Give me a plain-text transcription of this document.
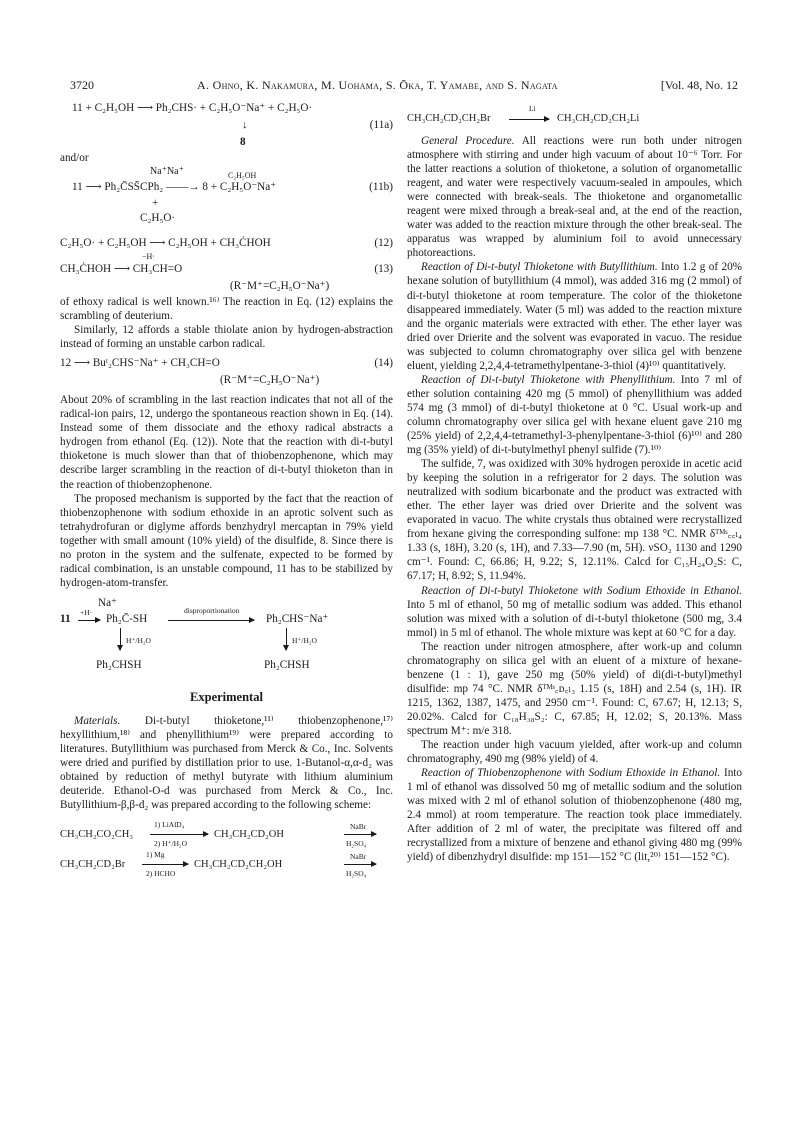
3720	A. Ohno, K. Nakamura, M. Uohama, S. Ōka, T. Yamabe, and S. Nagata	[Vol. 48, No. 12
11 + C₂H₅OH ⟶ Ph₂CHS· + C₂H₅O⁻Na⁺ + C₂H₅O·
↓	(11a)
8

and/or

Na⁺Na⁺	C₂H₅OH
11 ⟶ Ph₂C̄SS̄CPh₂ ——→ 8 + C₂H₅O⁻Na⁺	(11b)
+
C₂H₅O·
C₂H₅O· + C₂H₅OH ⟶ C₂H₅OH + CH₃ĊHOH	(12)
−H·
CH₃ĊHOH ⟶ CH₃CH=O	(13)
(R⁻M⁺=C₂H₅O⁻Na⁺)

of ethoxy radical is well known.¹⁶⁾ The reaction in Eq. (12) explains the scrambling of deuterium.

Similarly, 12 affords a stable thiolate anion by hydrogen-abstraction instead of forming an unstable carbon radical.

12 ⟶ Buᵗ₂CHS⁻Na⁺ + CH₃CH=O	(14)
(R⁻M⁺=C₂H₅O⁻Na⁺)

About 20% of scrambling in the last reaction indicates that not all of the radical-ion pairs, 12, undergo the spontaneous reaction shown in Eq. (14). Instead some of them dissociate and the ethoxy radical abstracts a hydrogen from ethanol (Eq. (12)). Note that the reaction with di-t-butyl thioketone is much slower than that of thiobenzophenone, which may describe larger scrambling in the reaction of di-t-butyl thioketon than in the reaction of thiobenzophenone.

The proposed mechanism is supported by the fact that the reaction of thiobenzophenone with sodium ethoxide in an aprotic solvent such as tetrahydrofuran or diglyme affords benzhydryl mercaptan in 79% yield together with small amount (10% yield) of the disulfide, 8. Since there is no proton in the system and the sulfenate, expected to be formed by radical combination, is an unstable compound, 11 has to be stabilized by hydrogen-atom-transfer.

Na⁺
11
+H·
Ph₂C̄-SH
disproportionation
Ph₂CHS⁻Na⁺
H⁺/H₂O	H⁺/H₂O
Ph₂CHSH	Ph₂CHSH
Experimental

Materials. Di-t-butyl thioketone,¹¹⁾ thiobenzophenone,¹⁷⁾ hexyllithium,¹⁸⁾ and phenyllithium¹⁹⁾ were prepared according to literatures. Butyllithium was purchased from Merck & Co., Inc. Solvents were dried and purified by distillation prior to use. 1-Butanol-α,α-d₂ was obtained by reduction of methyl butyrate with lithium aluminium deuteride. Ethanol-O-d was purchased from Merck & Co., Inc. Butyllithium-β,β-d₂ was prepared according to the following scheme:

CH₃CH₂CO₂CH₃
1) LiAlD₄
2) H⁺/H₂O
CH₃CH₂CD₂OH
NaBr
H₂SO₄
CH₃CH₂CD₂Br
1) Mg
2) HCHO
CH₃CH₂CD₂CH₂OH
NaBr
H₂SO₄
CH₃CH₂CD₂CH₂Br
Li
CH₃CH₂CD₂CH₂Li

General Procedure. All reactions were run both under nitrogen atmosphere with stirring and under high vacuum of about 10⁻⁶ Torr. For the latter reactions a solution of thioketone, a solution of organometallic reagent, and water were respectively vacuum-sealed in ampoules, which were connected with break-seals. The thioketone and organometallic reagent were mixed through a break-seal and, at the end of the reaction, water was added to the reaction mixture through the other break-seal. The apparatus was wrapped by aluminium foil to avoid unnecessary photoreactions.

Reaction of Di-t-butyl Thioketone with Butyllithium. Into 1.2 g of 20% hexane solution of butyllithium (4 mmol), was added 316 mg (2 mmol) of di-t-butyl thioketone at room temperature. The color of the thioketone disappeared immediately. Water (5 ml) was added to the reaction mixture and the organic materials were extracted with ether. The ether layer was dried over Drierite and the solvent was evaporated in vacuo. The residue was subjected to column chromatography over silica gel with benzene eluent, yielding 2,2,4,4-tetramethylpentane-3-thiol (4)¹⁰⁾ quantitatively.

Reaction of Di-t-butyl Thioketone with Phenyllithium. Into 7 ml of ether solution containing 420 mg (5 mmol) of phenyllithium was added 574 mg (3 mmol) of di-t-butyl thioketone at 0 °C. Usual work-up and column chromatography over silica gel with hexane eluent gave 210 mg (25% yield) of 2,2,4,4-tetramethyl-3-phenylpentane-3-thiol (6)¹⁰⁾ and 280 mg (35% yield) of di-t-butylmethyl phenyl sulfide (7).¹⁰⁾

The sulfide, 7, was oxidized with 30% hydrogen peroxide in acetic acid by keeping the solution in a refrigerator for 2 days. The solution was neutralized with sodium bicarbonate and the product was extracted with ether. The ether layer was dried over Drierite and the solvent was evaporated in vacuo. The white crystals thus obtained were recrystallized from hexane giving the corresponding sulfone: mp 138 °C. NMR δᵀᴹˢ꜀꜀ₗ₄ 1.33 (s, 18H), 3.20 (s, 1H), and 7.33—7.90 (m, 5H). νSO₂ 1130 and 1290 cm⁻¹. Found: C, 66.86; H, 9.22; S, 12.11%. Calcd for C₁₅H₂₄O₂S: C, 67.17; H, 8.92; S, 11.94%.

Reaction of Di-t-butyl Thioketone with Sodium Ethoxide in Ethanol. Into 5 ml of ethanol, 50 mg of metallic sodium was added. This ethanol solution was mixed with a solution of di-t-butyl thioketone (500 mg, 3.4 mmol) in 5 ml of ethanol. The whole mixture was kept at 60 °C for a day.

The reaction under nitrogen atmosphere, after work-up and column chromatography on silica gel with an eluent of a mixture of hexane-benzene (1 : 1), gave 250 mg (50% yield) of di(di-t-butyl)methyl disulfide: mp 74 °C. NMR δᵀᴹˢ꜀ᴅ꜀ₗ₃ 1.15 (s, 18H) and 2.54 (s, 1H). IR 1215, 1362, 1387, 1475, and 2950 cm⁻¹. Found: C, 67.67; H, 12.13; S, 20.02%. Calcd for C₁₈H₃₈S₂: C, 67.85; H, 12.02; S, 20.13%. Mass spectrum M⁺: m/e 318.

The reaction under high vacuum yielded, after work-up and column chromatography, 490 mg (98% yield) of 4.

Reaction of Thiobenzophenone with Sodium Ethoxide in Ethanol. Into 1 ml of ethanol was dissolved 50 mg of metallic sodium and the solution was mixed with 2 ml of ethanol solution of thiobenzophenone (480 mg, 2.4 mmol) at room temperature. The reaction took place immediately. After addition of 2 ml of water, the precipitate was filtered off and recrystallized from a mixture of benzene and ethanol giving 480 mg (99% yield) of dibenzhydryl disulfide: mp 151—152 °C (lit,²⁰⁾ 151—152 °C).
